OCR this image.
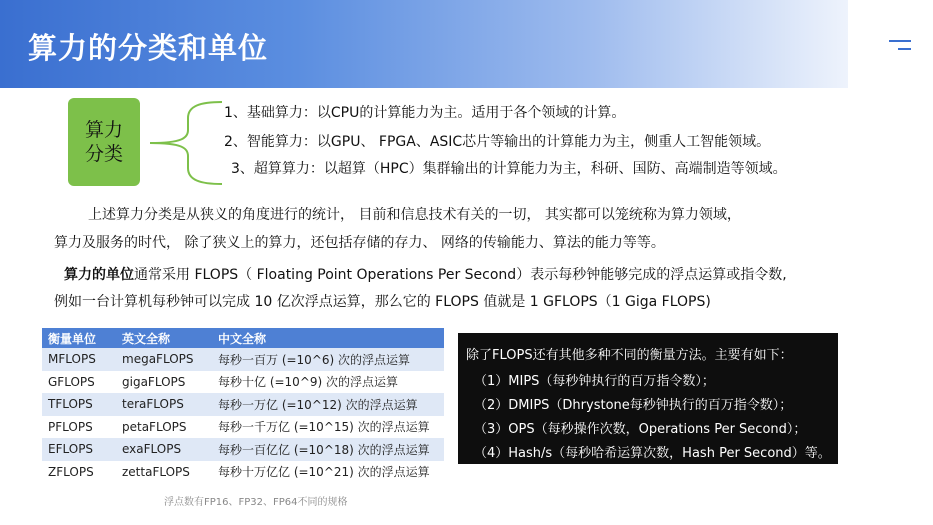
算力的分类和单位
算力
分类
1、基础算力：以CPU的计算能力为主。适用于各个领域的计算。
2、智能算力：以GPU、 FPGA、ASIC芯片等输出的计算能力为主，侧重人工智能领域。
3、超算算力：以超算（HPC）集群输出的计算能力为主，科研、国防、高端制造等领域。
上述算力分类是从狭义的角度进行的统计， 目前和信息技术有关的一切， 其实都可以笼统称为算力领域，
算力及服务的时代， 除了狭义上的算力，还包括存储的存力、 网络的传输能力、算法的能力等等。
算力的单位通常采用 FLOPS（ Floating Point Operations Per Second）表示每秒钟能够完成的浮点运算或指令数,
例如一台计算机每秒钟可以完成 10 亿次浮点运算，那么它的 FLOPS 值就是 1 GFLOPS（1 Giga FLOPS)
衡量单位	英文全称	中文全称
MFLOPS	megaFLOPS	每秒一百万 (=10^6) 次的浮点运算
GFLOPS	gigaFLOPS	每秒十亿 (=10^9) 次的浮点运算
TFLOPS	teraFLOPS	每秒一万亿 (=10^12) 次的浮点运算
PFLOPS	petaFLOPS	每秒一千万亿 (=10^15) 次的浮点运算
EFLOPS	exaFLOPS	每秒一百亿亿 (=10^18) 次的浮点运算
ZFLOPS	zettaFLOPS	每秒十万亿亿 (=10^21) 次的浮点运算
浮点数有FP16、FP32、FP64不同的规格
除了FLOPS还有其他多种不同的衡量方法。主要有如下：
（1）MIPS（每秒钟执行的百万指令数）；
（2）DMIPS（Dhrystone每秒钟执行的百万指令数）；
（3）OPS（每秒操作次数，Operations Per Second）；
（4）Hash/s（每秒哈希运算次数，Hash Per Second）等。
